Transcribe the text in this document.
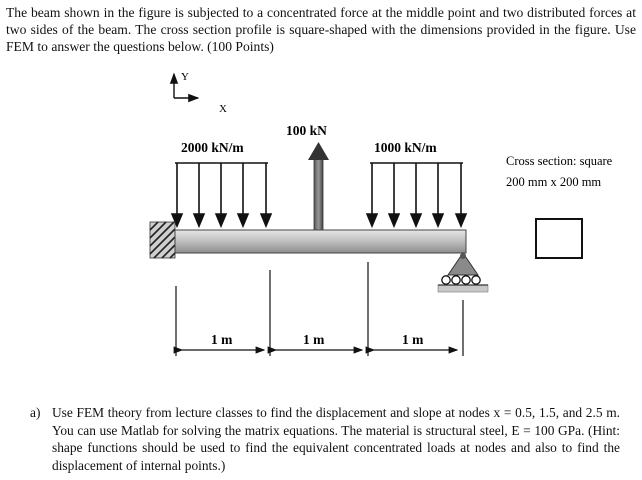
The beam shown in the figure is subjected to a concentrated force at the middle point and two distributed forces at two sides of the beam. The cross section profile is square-shaped with the dimensions provided in the figure. Use FEM to answer the questions below. (100 Points)
Y
X
2000 kN/m
100 kN
1000 kN/m
Cross section: square
200 mm x 200 mm
1 m	1 m	1 m
a) Use FEM theory from lecture classes to find the displacement and slope at nodes x = 0.5, 1.5, and 2.5 m. You can use Matlab for solving the matrix equations. The material is structural steel, E = 100 GPa. (Hint: shape functions should be used to find the equivalent concentrated loads at nodes and also to find the displacement of internal points.)
